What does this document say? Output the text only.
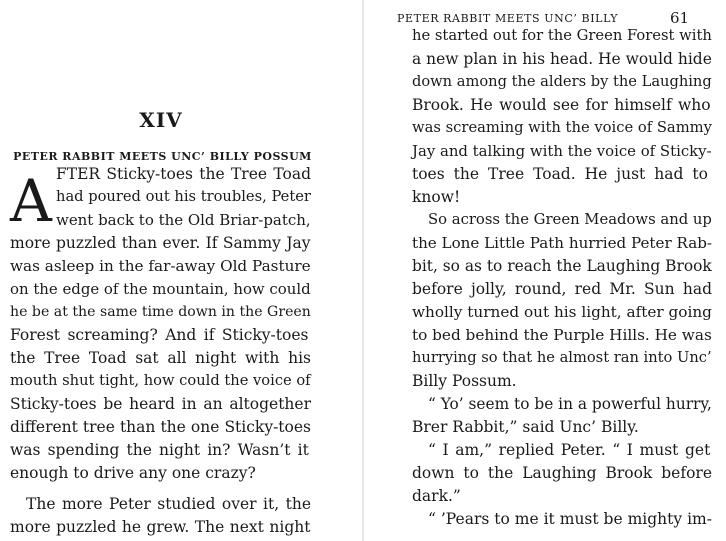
XIV
PETER RABBIT MEETS UNC’ BILLY POSSUM
A FTER Sticky-toes the Tree Toad

had poured out his troubles, Peter

went back to the Old Briar-patch,

more puzzled than ever. If Sammy Jay

was asleep in the far-away Old Pasture

on the edge of the mountain, how could

he be at the same time down in the Green

Forest screaming? And if Sticky-toes

the Tree Toad sat all night with his

mouth shut tight, how could the voice of

Sticky-toes be heard in an altogether

different tree than the one Sticky-toes

was spending the night in? Wasn’t it

enough to drive any one crazy?

The more Peter studied over it, the

more puzzled he grew. The next night

PETER RABBIT MEETS UNC’ BILLY	61

he started out for the Green Forest with

a new plan in his head. He would hide

down among the alders by the Laughing

Brook. He would see for himself who

was screaming with the voice of Sammy

Jay and talking with the voice of Sticky-

toes the Tree Toad. He just had to

know!

So across the Green Meadows and up

the Lone Little Path hurried Peter Rab-

bit, so as to reach the Laughing Brook

before jolly, round, red Mr. Sun had

wholly turned out his light, after going

to bed behind the Purple Hills. He was

hurrying so that he almost ran into Unc’

Billy Possum.

“ Yo’ seem to be in a powerful hurry,

Brer Rabbit,” said Unc’ Billy.

“ I am,” replied Peter. “ I must get

down to the Laughing Brook before

dark.”

“ ’Pears to me it must be mighty im-
